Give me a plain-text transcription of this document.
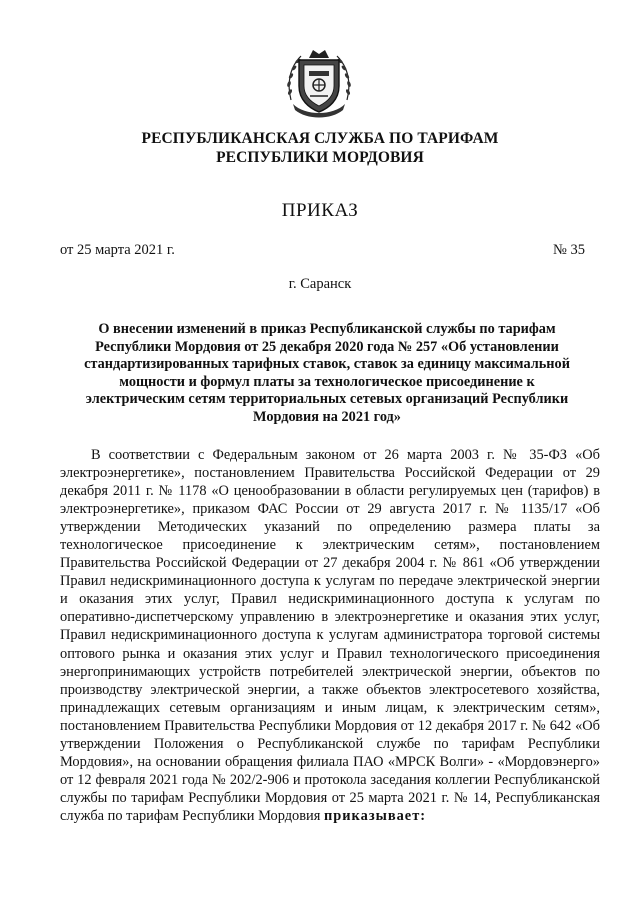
РЕСПУБЛИКАНСКАЯ СЛУЖБА ПО ТАРИФАМ
РЕСПУБЛИКИ МОРДОВИЯ
ПРИКАЗ
от 25 марта 2021 г.	№ 35
г. Саранск
О внесении изменений в приказ Республиканской службы по тарифам
Республики Мордовия от 25 декабря 2020 года № 257 «Об установлении
стандартизированных тарифных ставок, ставок за единицу максимальной
мощности и формул платы за технологическое присоединение к
электрическим сетям территориальных сетевых организаций Республики
Мордовия на 2021 год»
В соответствии с Федеральным законом от 26 марта 2003 г. № 35-ФЗ «Об электроэнергетике», постановлением Правительства Российской Федерации от 29 декабря 2011 г. № 1178 «О ценообразовании в области регулируемых цен (тарифов) в электроэнергетике», приказом ФАС России от 29 августа 2017 г. № 1135/17 «Об утверждении Методических указаний по определению размера платы за технологическое присоединение к электрическим сетям», постановлением Правительства Российской Федерации от 27 декабря 2004 г. № 861 «Об утверждении Правил недискриминационного доступа к услугам по передаче электрической энергии и оказания этих услуг, Правил недискриминационного доступа к услугам по оперативно-диспетчерскому управлению в электроэнергетике и оказания этих услуг, Правил недискриминационного доступа к услугам администратора торговой системы оптового рынка и оказания этих услуг и Правил технологического присоединения энергопринимающих устройств потребителей электрической энергии, объектов по производству электрической энергии, а также объектов электросетевого хозяйства, принадлежащих сетевым организациям и иным лицам, к электрическим сетям», постановлением Правительства Республики Мордовия от 12 декабря 2017 г. № 642 «Об утверждении Положения о Республиканской службе по тарифам Республики Мордовия», на основании обращения филиала ПАО «МРСК Волги» - «Мордовэнерго» от 12 февраля 2021 года № 202/2-906 и протокола заседания коллегии Республиканской службы по тарифам Республики Мордовия от 25 марта 2021 г. № 14, Республиканская служба по тарифам Республики Мордовия приказывает:
